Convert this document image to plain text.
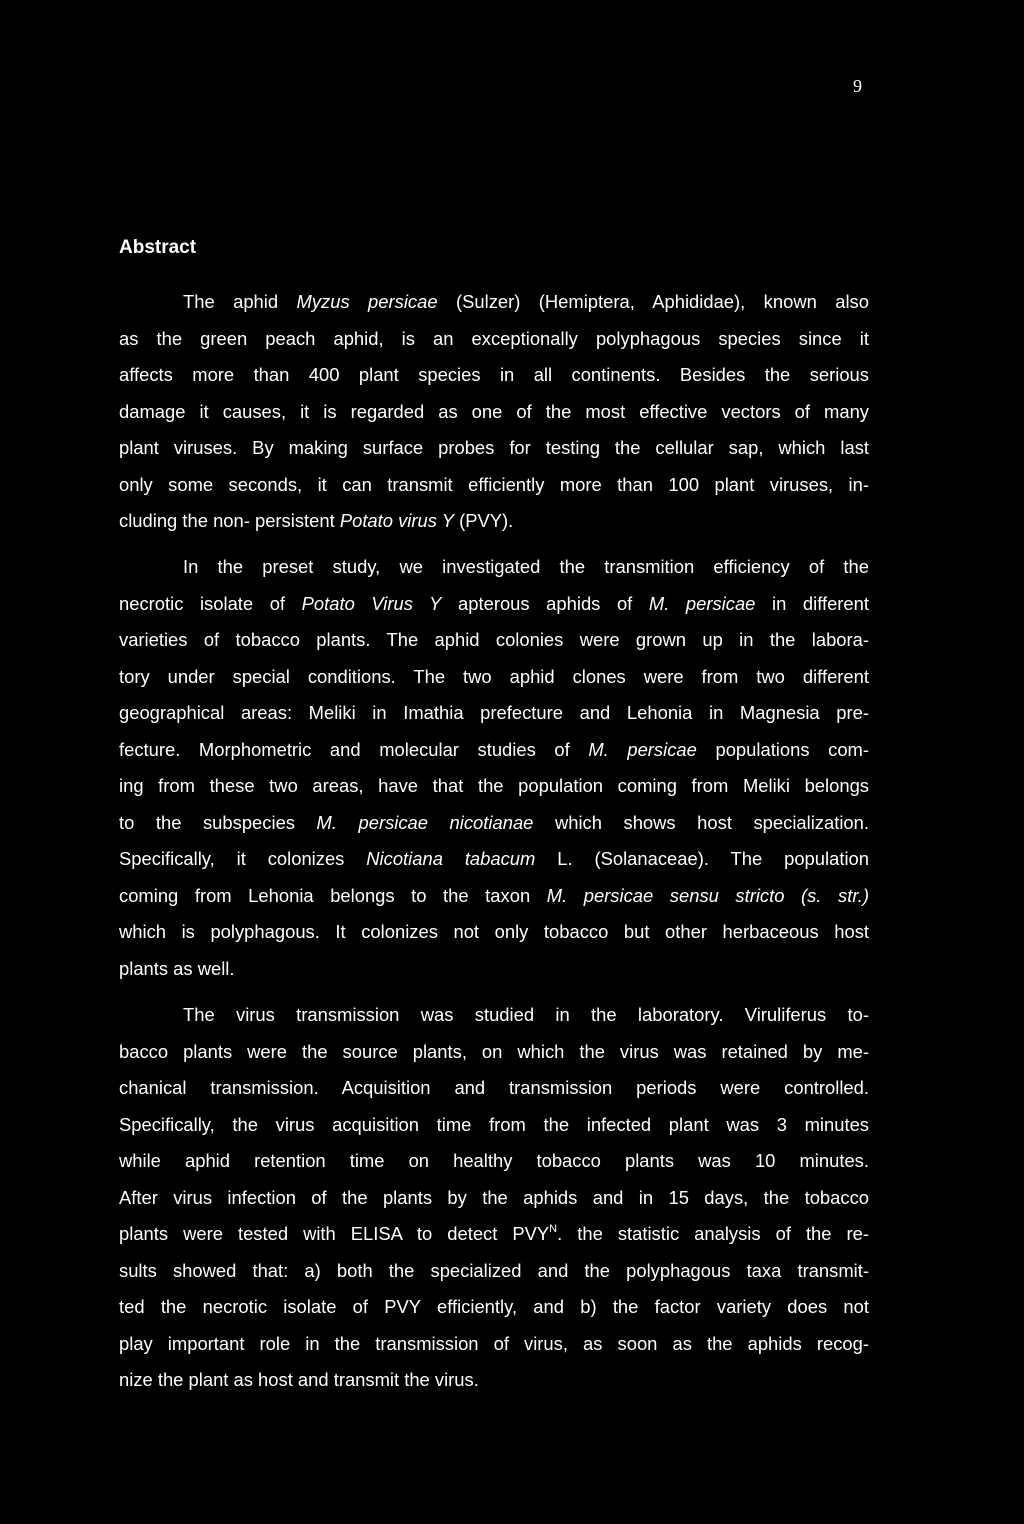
9
Abstract

The aphid Myzus persicae (Sulzer) (Hemiptera, Aphididae), known also
as the green peach aphid, is an exceptionally polyphagous species since it
affects more than 400 plant species in all continents. Besides the serious
damage it causes, it is regarded as one of the most effective vectors of many
plant viruses. By making surface probes for testing the cellular sap, which last
only some seconds, it can transmit efficiently more than 100 plant viruses, in-
cluding the non- persistent Potato virus Y (PVY).

In the preset study, we investigated the transmition efficiency of the
necrotic isolate of Potato Virus Y apterous aphids of M. persicae in different
varieties of tobacco plants. The aphid colonies were grown up in the labora-
tory under special conditions. The two aphid clones were from two different
geographical areas: Meliki in Imathia prefecture and Lehonia in Magnesia pre-
fecture. Morphometric and molecular studies of M. persicae populations com-
ing from these two areas, have that the population coming from Meliki belongs
to the subspecies M. persicae nicotianae which shows host specialization.
Specifically, it colonizes Nicotiana tabacum L. (Solanaceae). The population
coming from Lehonia belongs to the taxon M. persicae sensu stricto (s. str.)
which is polyphagous. It colonizes not only tobacco but other herbaceous host
plants as well.

The virus transmission was studied in the laboratory. Viruliferus to-
bacco plants were the source plants, on which the virus was retained by me-
chanical transmission. Acquisition and transmission periods were controlled.
Specifically, the virus acquisition time from the infected plant was 3 minutes
while aphid retention time on healthy tobacco plants was 10 minutes.
After virus infection of the plants by the aphids and in 15 days, the tobacco
plants were tested with ELISA to detect $PVY^N$. the statistic analysis of the re-
sults showed that: a) both the specialized and the polyphagous taxa transmit-
ted the necrotic isolate of PVY efficiently, and b) the factor variety does not
play important role in the transmission of virus, as soon as the aphids recog-
nize the plant as host and transmit the virus.
